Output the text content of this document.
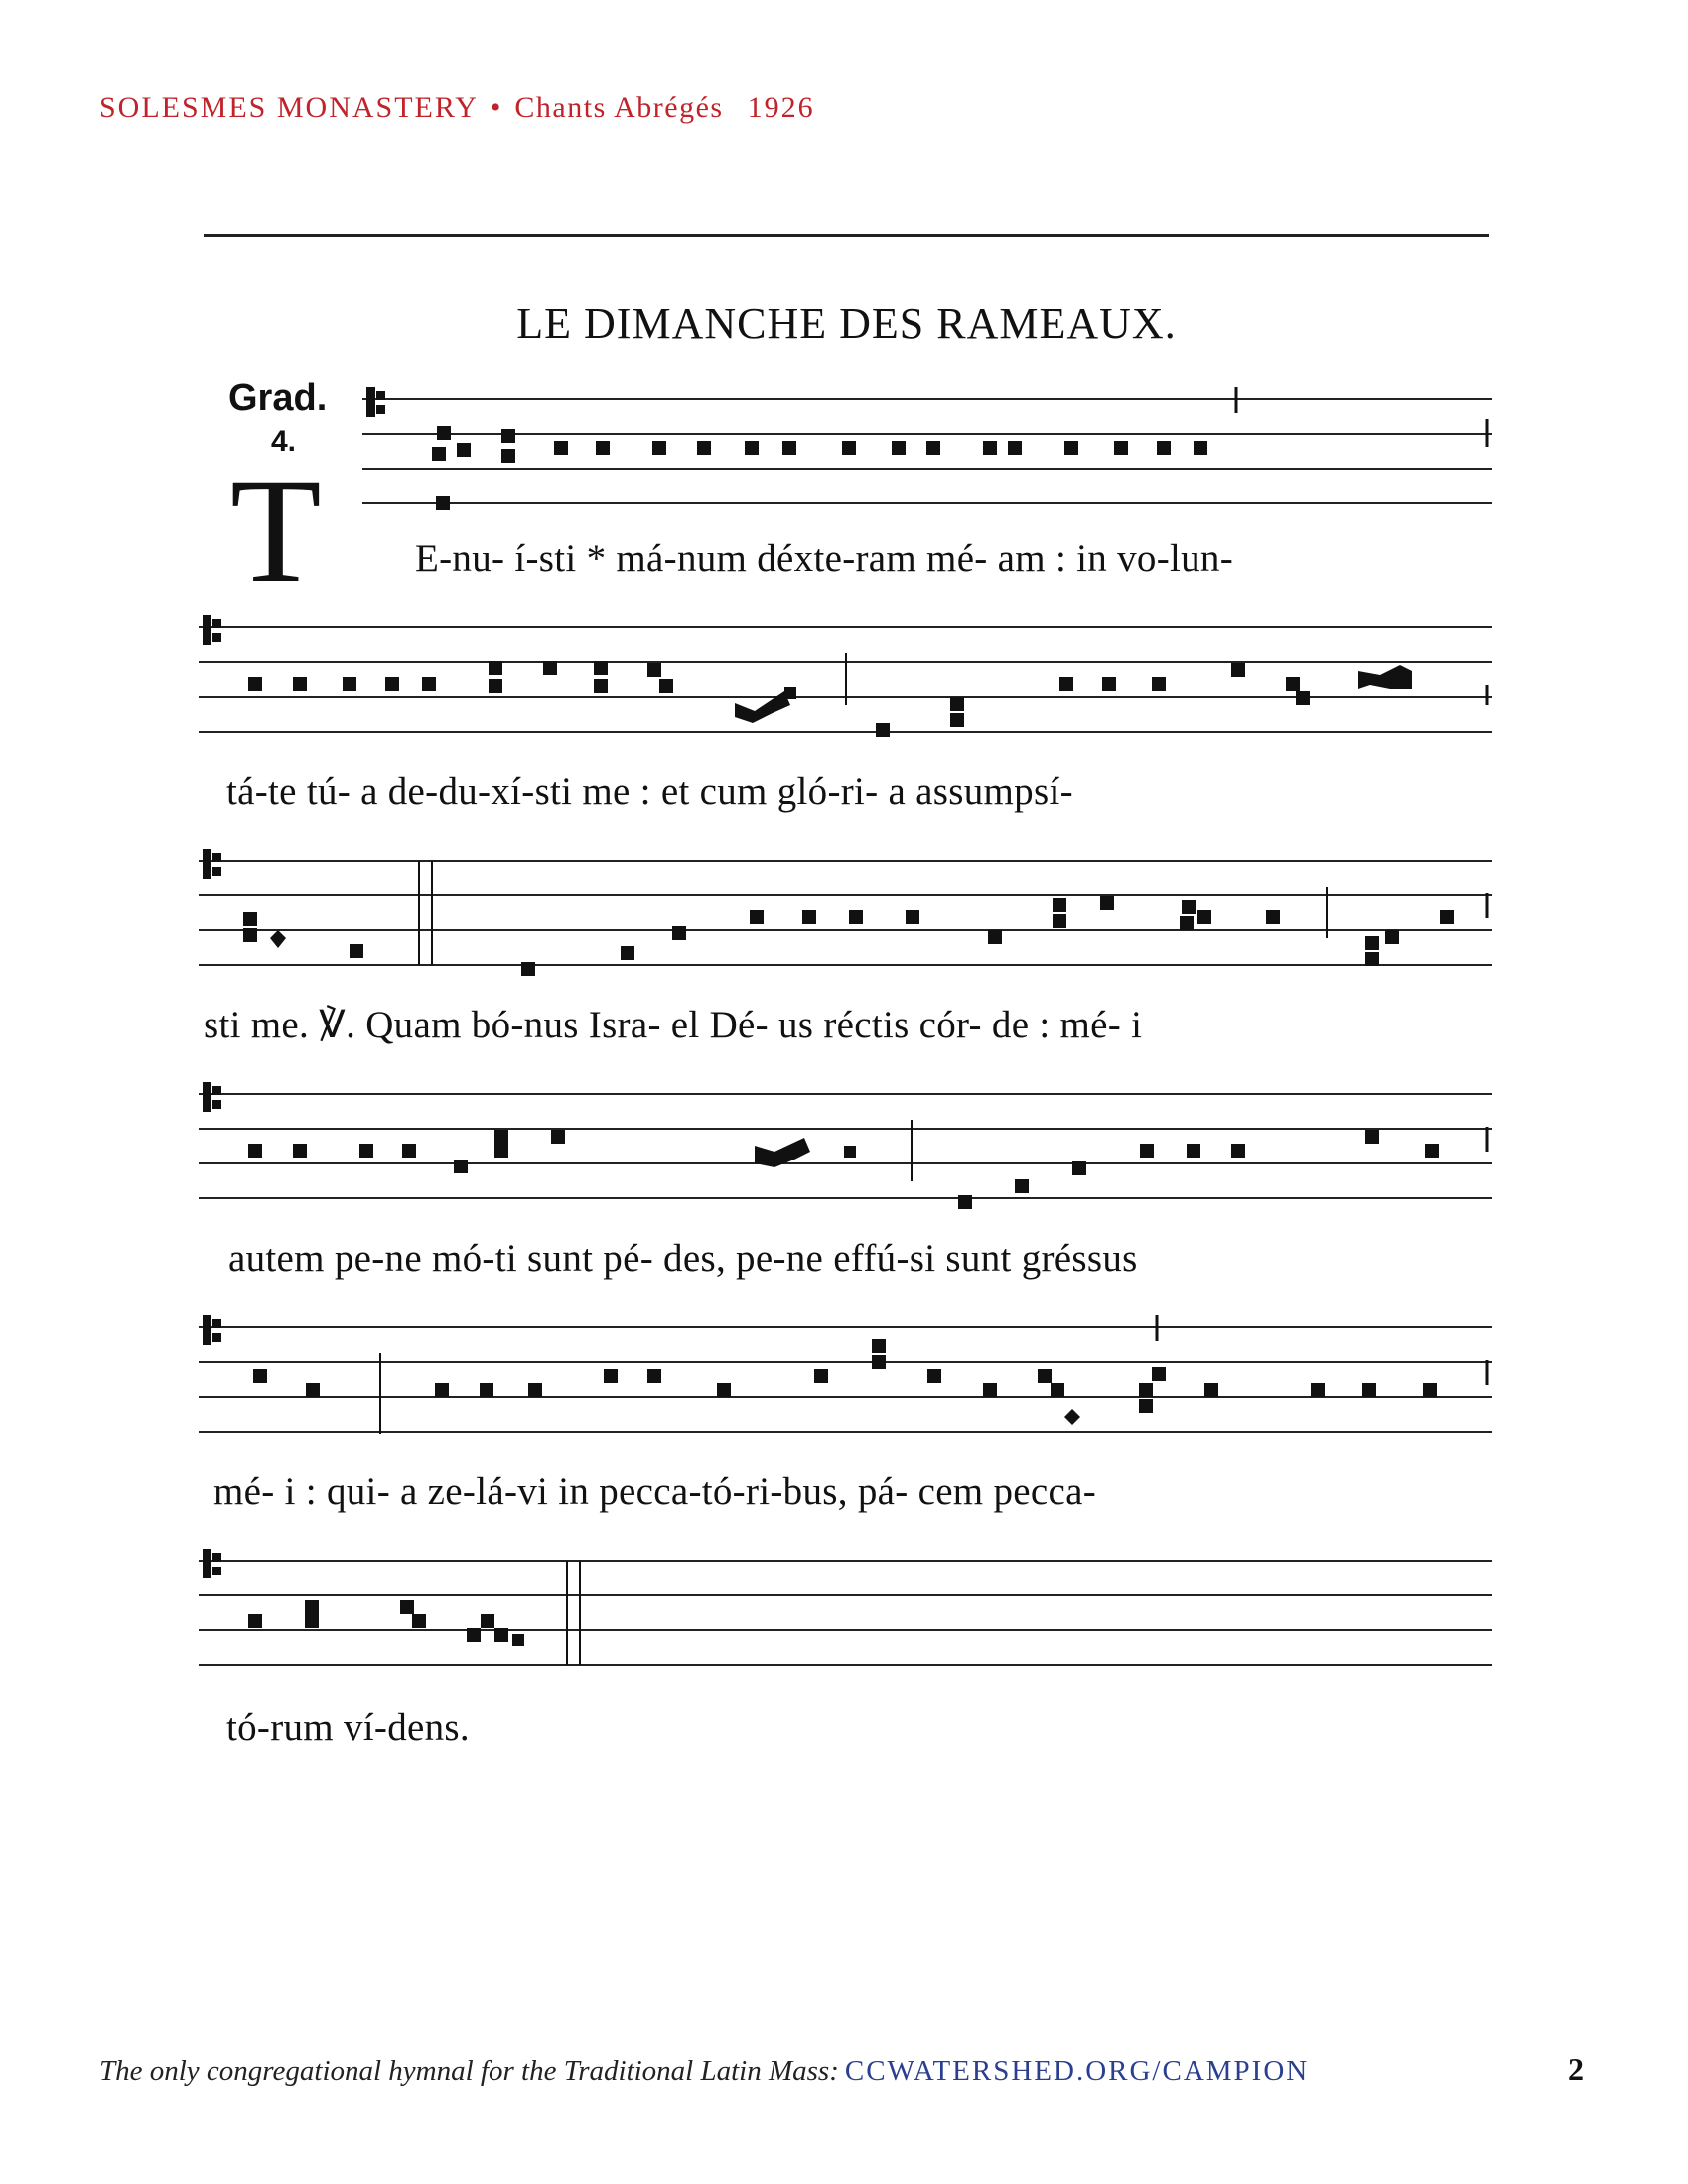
SOLESMES MONASTERY • Chants Abrégés 1926
LE DIMANCHE DES RAMEAUX.
Grad.
4.
T E-nu- í-sti * má-num déxte-ram mé- am : in vo-lun-
tá-te tú- a de-du-xí-sti me : et cum gló-ri- a assumpsí-
sti me. ℣. Quam bó-nus Isra- el Dé- us réctis cór- de : mé- i
autem pe-ne mó-ti sunt pé- des, pe-ne effú-si sunt gréssus
mé- i : qui- a ze-lá-vi in pecca-tó-ri-bus, pá- cem pecca-
tó-rum ví-dens.
The only congregational hymnal for the Traditional Latin Mass: CCWATERSHED.ORG/CAMPION	2
